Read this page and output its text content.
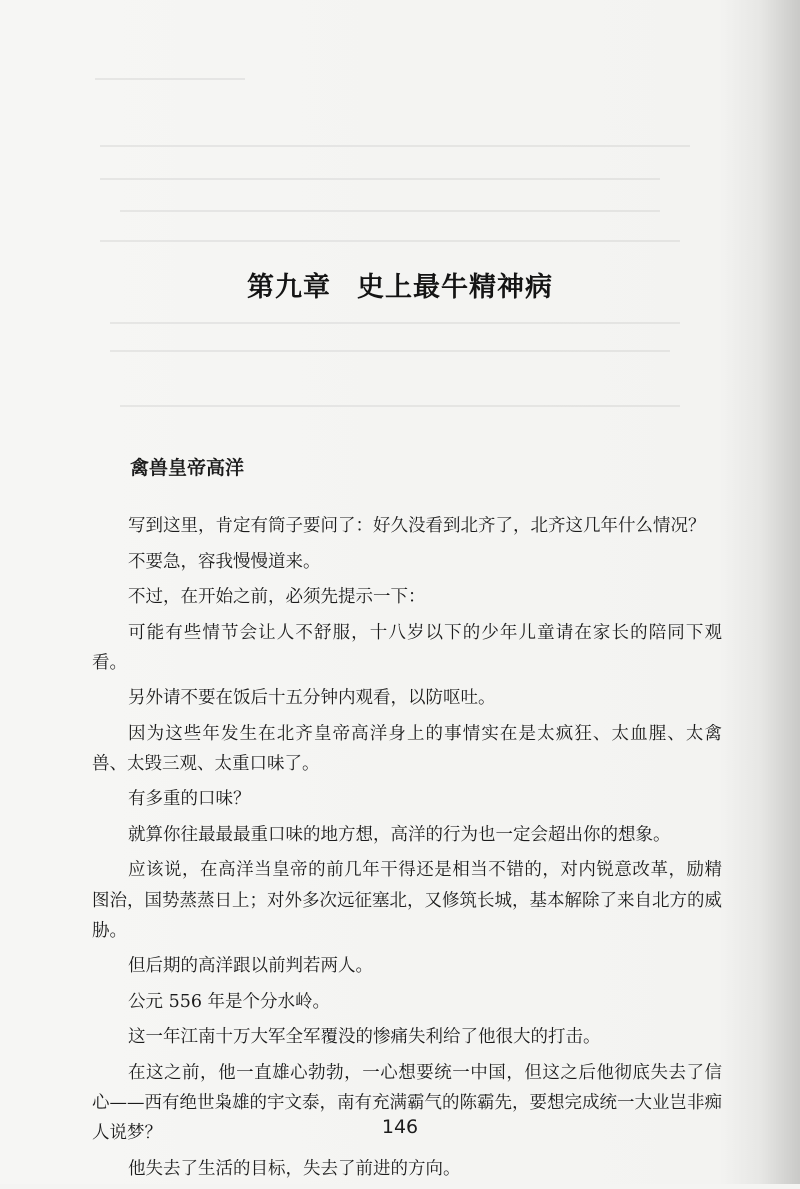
第九章 史上最牛精神病
禽兽皇帝高洋

写到这里，肯定有筒子要问了：好久没看到北齐了，北齐这几年什么情况？

不要急，容我慢慢道来。

不过，在开始之前，必须先提示一下：

可能有些情节会让人不舒服，十八岁以下的少年儿童请在家长的陪同下观看。

另外请不要在饭后十五分钟内观看，以防呕吐。

因为这些年发生在北齐皇帝高洋身上的事情实在是太疯狂、太血腥、太禽兽、太毁三观、太重口味了。

有多重的口味？

就算你往最最最重口味的地方想，高洋的行为也一定会超出你的想象。

应该说，在高洋当皇帝的前几年干得还是相当不错的，对内锐意改革，励精图治，国势蒸蒸日上；对外多次远征塞北，又修筑长城，基本解除了来自北方的威胁。

但后期的高洋跟以前判若两人。

公元 556 年是个分水岭。

这一年江南十万大军全军覆没的惨痛失利给了他很大的打击。

在这之前，他一直雄心勃勃，一心想要统一中国，但这之后他彻底失去了信心——西有绝世枭雄的宇文泰，南有充满霸气的陈霸先，要想完成统一大业岂非痴人说梦？

他失去了生活的目标，失去了前进的方向。

146
